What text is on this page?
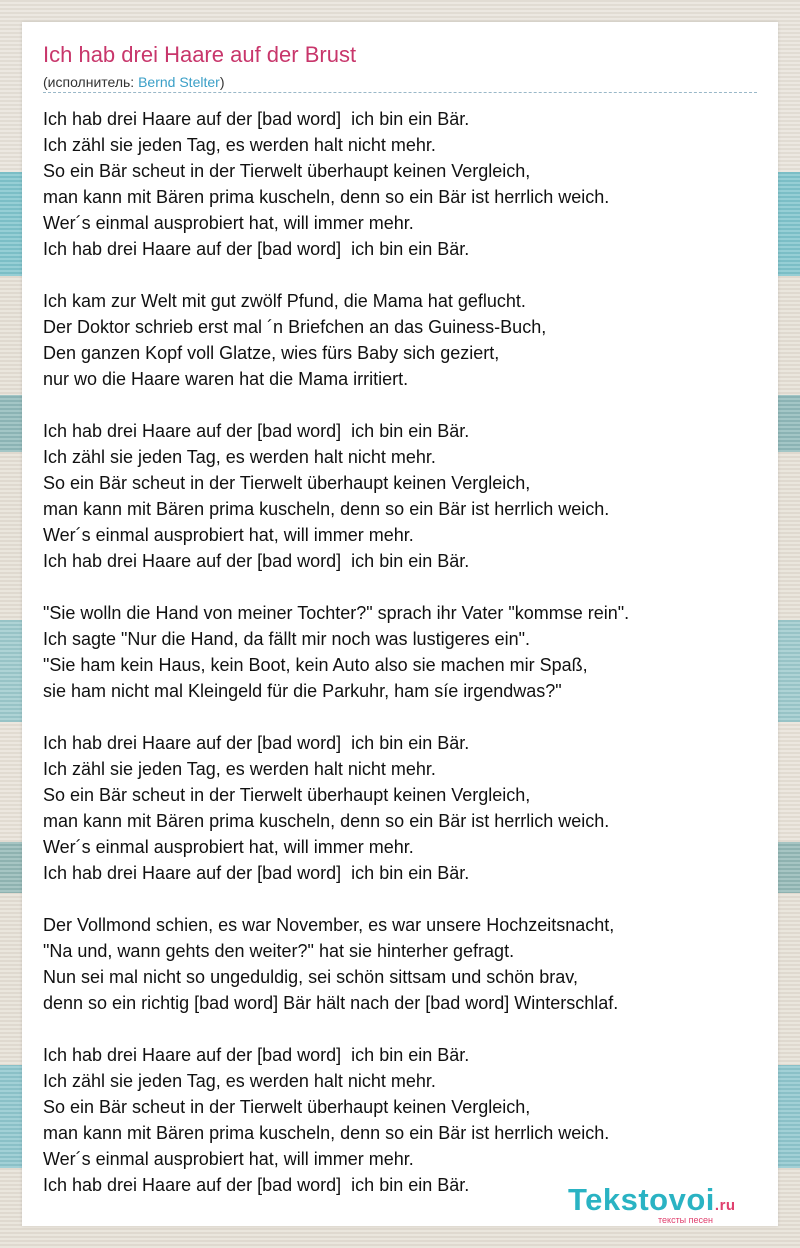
Ich hab drei Haare auf der Brust
(исполнитель: Bernd Stelter)
Ich hab drei Haare auf der [bad word]  ich bin ein Bär.
Ich zähl sie jeden Tag, es werden halt nicht mehr.
So ein Bär scheut in der Tierwelt überhaupt keinen Vergleich,
man kann mit Bären prima kuscheln, denn so ein Bär ist herrlich weich.
Wer´s einmal ausprobiert hat, will immer mehr.
Ich hab drei Haare auf der [bad word]  ich bin ein Bär.
Ich kam zur Welt mit gut zwölf Pfund, die Mama hat geflucht.
Der Doktor schrieb erst mal ´n Briefchen an das Guiness-Buch,
Den ganzen Kopf voll Glatze, wies fürs Baby sich geziert,
nur wo die Haare waren hat die Mama irritiert.
Ich hab drei Haare auf der [bad word]  ich bin ein Bär.
Ich zähl sie jeden Tag, es werden halt nicht mehr.
So ein Bär scheut in der Tierwelt überhaupt keinen Vergleich,
man kann mit Bären prima kuscheln, denn so ein Bär ist herrlich weich.
Wer´s einmal ausprobiert hat, will immer mehr.
Ich hab drei Haare auf der [bad word]  ich bin ein Bär.
"Sie wolln die Hand von meiner Tochter?" sprach ihr Vater "kommse rein".
Ich sagte "Nur die Hand, da fällt mir noch was lustigeres ein".
"Sie ham kein Haus, kein Boot, kein Auto also sie machen mir Spaß,
sie ham nicht mal Kleingeld für die Parkuhr, ham síe irgendwas?"
Ich hab drei Haare auf der [bad word]  ich bin ein Bär.
Ich zähl sie jeden Tag, es werden halt nicht mehr.
So ein Bär scheut in der Tierwelt überhaupt keinen Vergleich,
man kann mit Bären prima kuscheln, denn so ein Bär ist herrlich weich.
Wer´s einmal ausprobiert hat, will immer mehr.
Ich hab drei Haare auf der [bad word]  ich bin ein Bär.
Der Vollmond schien, es war November, es war unsere Hochzeitsnacht,
"Na und, wann gehts den weiter?" hat sie hinterher gefragt.
Nun sei mal nicht so ungeduldig, sei schön sittsam und schön brav,
denn so ein richtig [bad word] Bär hält nach der [bad word] Winterschlaf.
Ich hab drei Haare auf der [bad word]  ich bin ein Bär.
Ich zähl sie jeden Tag, es werden halt nicht mehr.
So ein Bär scheut in der Tierwelt überhaupt keinen Vergleich,
man kann mit Bären prima kuscheln, denn so ein Bär ist herrlich weich.
Wer´s einmal ausprobiert hat, will immer mehr.
Ich hab drei Haare auf der [bad word]  ich bin ein Bär.	Tekstovoi.ru
тексты песен
